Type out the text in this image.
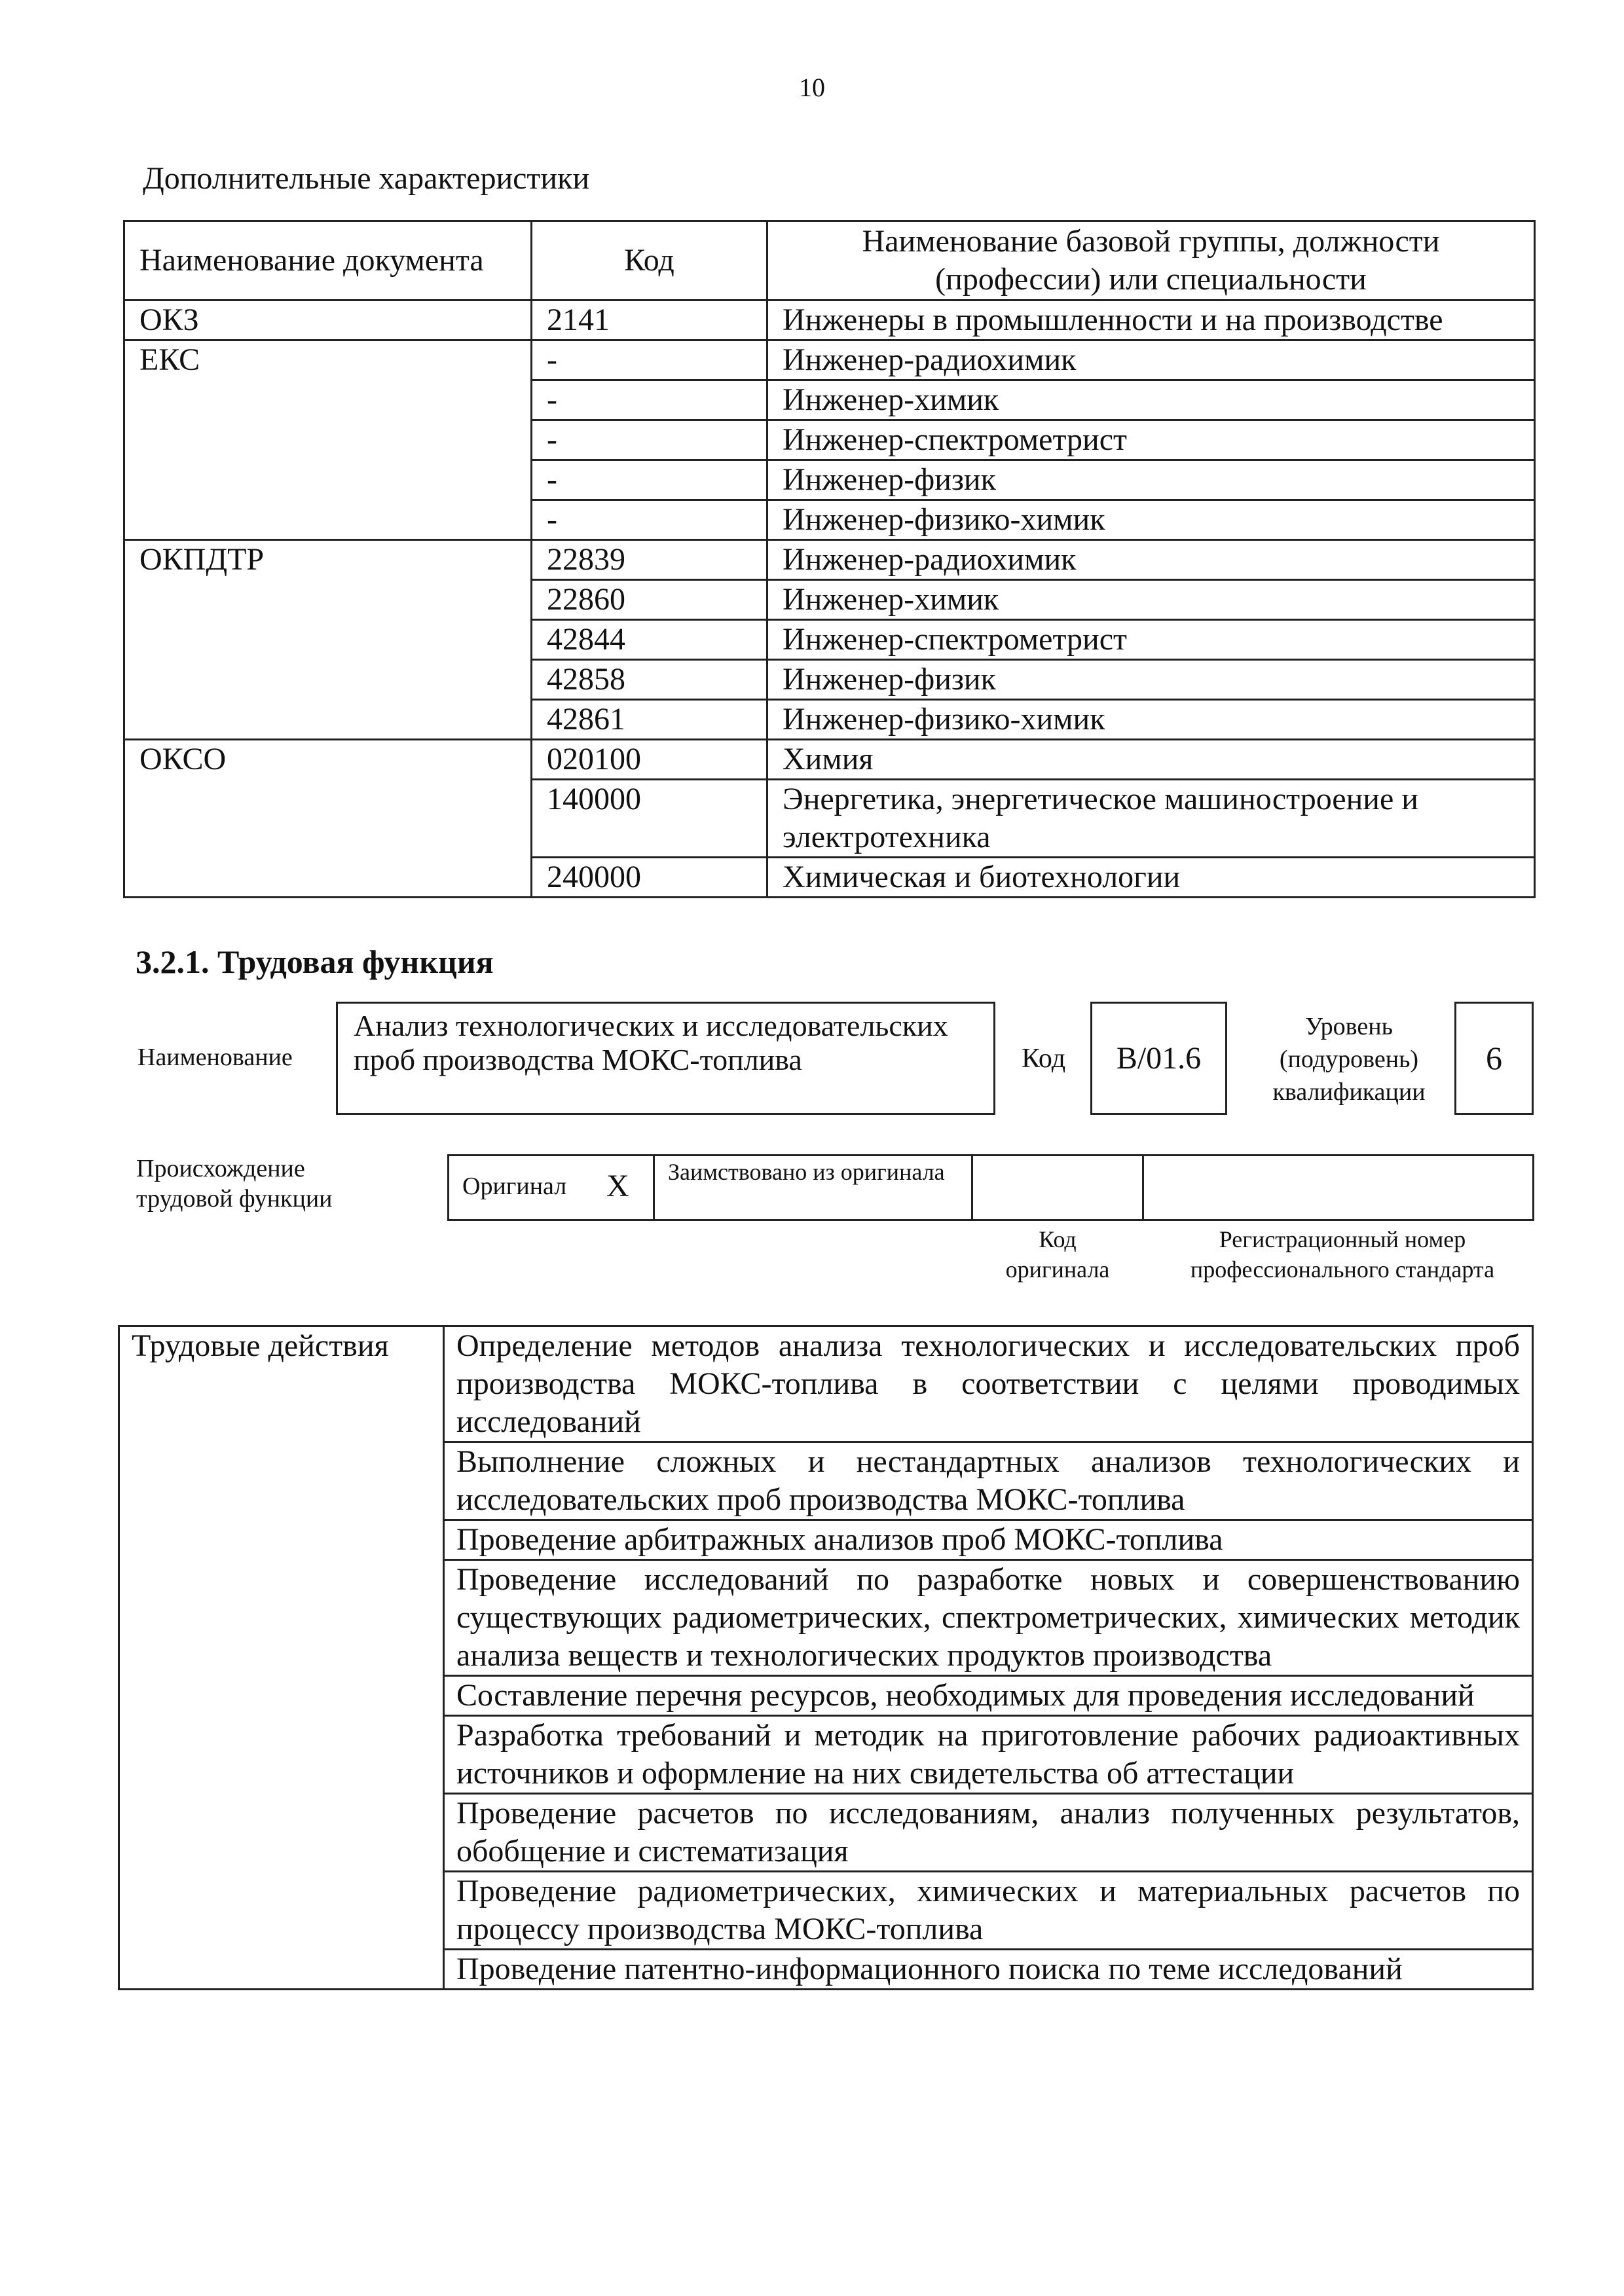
10
Дополнительные характеристики
Наименование документа	Код	Наименование базовой группы, должности (профессии) или специальности
ОКЗ	2141	Инженеры в промышленности и на производстве
ЕКС	-	Инженер-радиохимик
	-	Инженер-химик
	-	Инженер-спектрометрист
	-	Инженер-физик
	-	Инженер-физико-химик
ОКПДТР	22839	Инженер-радиохимик
	22860	Инженер-химик
	42844	Инженер-спектрометрист
	42858	Инженер-физик
	42861	Инженер-физико-химик
ОКСО	020100	Химия
	140000	Энергетика, энергетическое машиностроение и электротехника
	240000	Химическая и биотехнологии
3.2.1. Трудовая функция
Наименование
Анализ технологических и исследовательских проб производства МОКС-топлива	Код	B/01.6
Уровень (подуровень) квалификации
6
Происхождение трудовой функции	Оригинал X Заимствовано из оригинала
Код оригинала
Регистрационный номер профессионального стандарта
Трудовые действия	Определение методов анализа технологических и исследовательских проб производства МОКС-топлива в соответствии с целями проводимых исследований
Выполнение сложных и нестандартных анализов технологических и исследовательских проб производства МОКС-топлива
Проведение арбитражных анализов проб МОКС-топлива
Проведение исследований по разработке новых и совершенствованию существующих радиометрических, спектрометрических, химических методик анализа веществ и технологических продуктов производства
Составление перечня ресурсов, необходимых для проведения исследований
Разработка требований и методик на приготовление рабочих радиоактивных источников и оформление на них свидетельства об аттестации
Проведение расчетов по исследованиям, анализ полученных результатов, обобщение и систематизация
Проведение радиометрических, химических и материальных расчетов по процессу производства МОКС-топлива
Проведение патентно-информационного поиска по теме исследований
